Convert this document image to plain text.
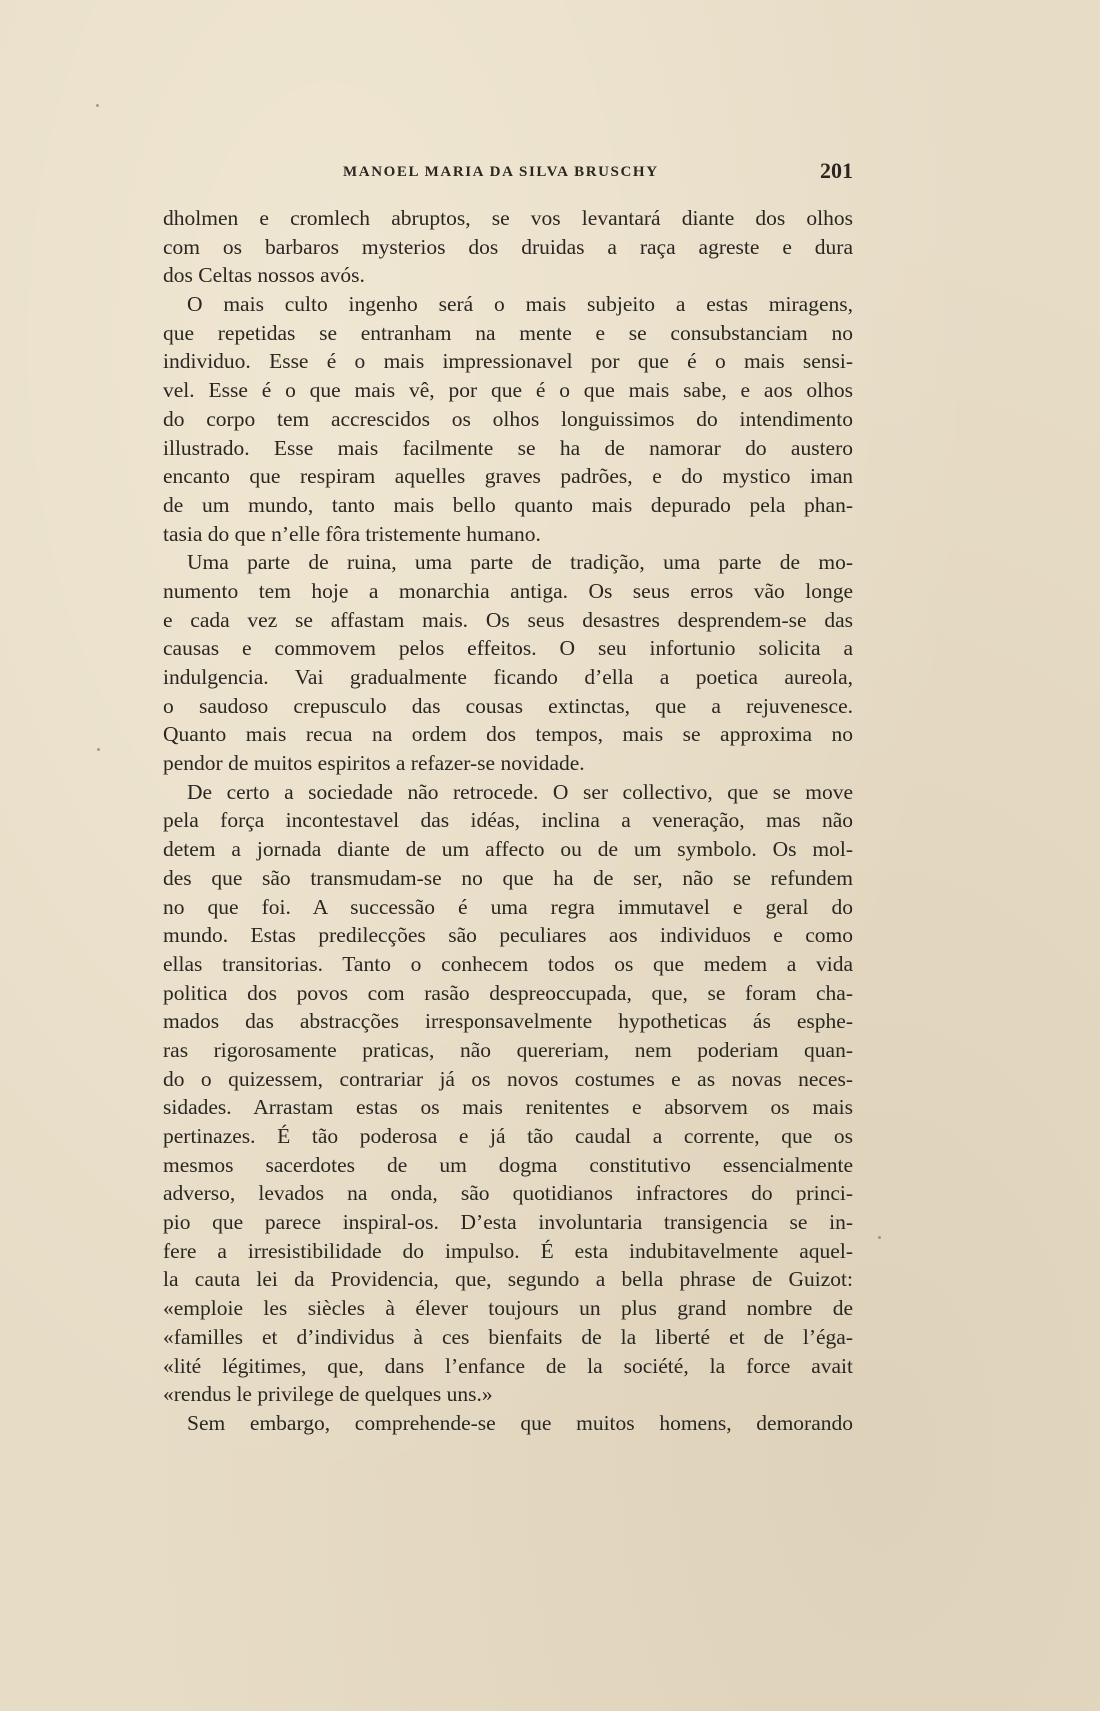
MANOEL MARIA DA SILVA BRUSCHY	201
dholmen e cromlech abruptos, se vos levantará diante dos olhos
com os barbaros mysterios dos druidas a raça agreste e dura
dos Celtas nossos avós.
O mais culto ingenho será o mais subjeito a estas miragens,
que repetidas se entranham na mente e se consubstanciam no
individuo. Esse é o mais impressionavel por que é o mais sensi-
vel. Esse é o que mais vê, por que é o que mais sabe, e aos olhos
do corpo tem accrescidos os olhos longuissimos do intendimento
illustrado. Esse mais facilmente se ha de namorar do austero
encanto que respiram aquelles graves padrões, e do mystico iman
de um mundo, tanto mais bello quanto mais depurado pela phan-
tasia do que n’elle fôra tristemente humano.
Uma parte de ruina, uma parte de tradição, uma parte de mo-
numento tem hoje a monarchia antiga. Os seus erros vão longe
e cada vez se affastam mais. Os seus desastres desprendem-se das
causas e commovem pelos effeitos. O seu infortunio solicita a
indulgencia. Vai gradualmente ficando d’ella a poetica aureola,
o saudoso crepusculo das cousas extinctas, que a rejuvenesce.
Quanto mais recua na ordem dos tempos, mais se approxima no
pendor de muitos espiritos a refazer-se novidade.
De certo a sociedade não retrocede. O ser collectivo, que se move
pela força incontestavel das idéas, inclina a veneração, mas não
detem a jornada diante de um affecto ou de um symbolo. Os mol-
des que são transmudam-se no que ha de ser, não se refundem
no que foi. A successão é uma regra immutavel e geral do
mundo. Estas predilecções são peculiares aos individuos e como
ellas transitorias. Tanto o conhecem todos os que medem a vida
politica dos povos com rasão despreoccupada, que, se foram cha-
mados das abstracções irresponsavelmente hypotheticas ás esphe-
ras rigorosamente praticas, não quereriam, nem poderiam quan-
do o quizessem, contrariar já os novos costumes e as novas neces-
sidades. Arrastam estas os mais renitentes e absorvem os mais
pertinazes. É tão poderosa e já tão caudal a corrente, que os
mesmos sacerdotes de um dogma constitutivo essencialmente
adverso, levados na onda, são quotidianos infractores do princi-
pio que parece inspiral-os. D’esta involuntaria transigencia se in-
fere a irresistibilidade do impulso. É esta indubitavelmente aquel-
la cauta lei da Providencia, que, segundo a bella phrase de Guizot:
«emploie les siècles à élever toujours un plus grand nombre de
«familles et d’individus à ces bienfaits de la liberté et de l’éga-
«lité légitimes, que, dans l’enfance de la société, la force avait
«rendus le privilege de quelques uns.»
Sem embargo, comprehende-se que muitos homens, demorando
